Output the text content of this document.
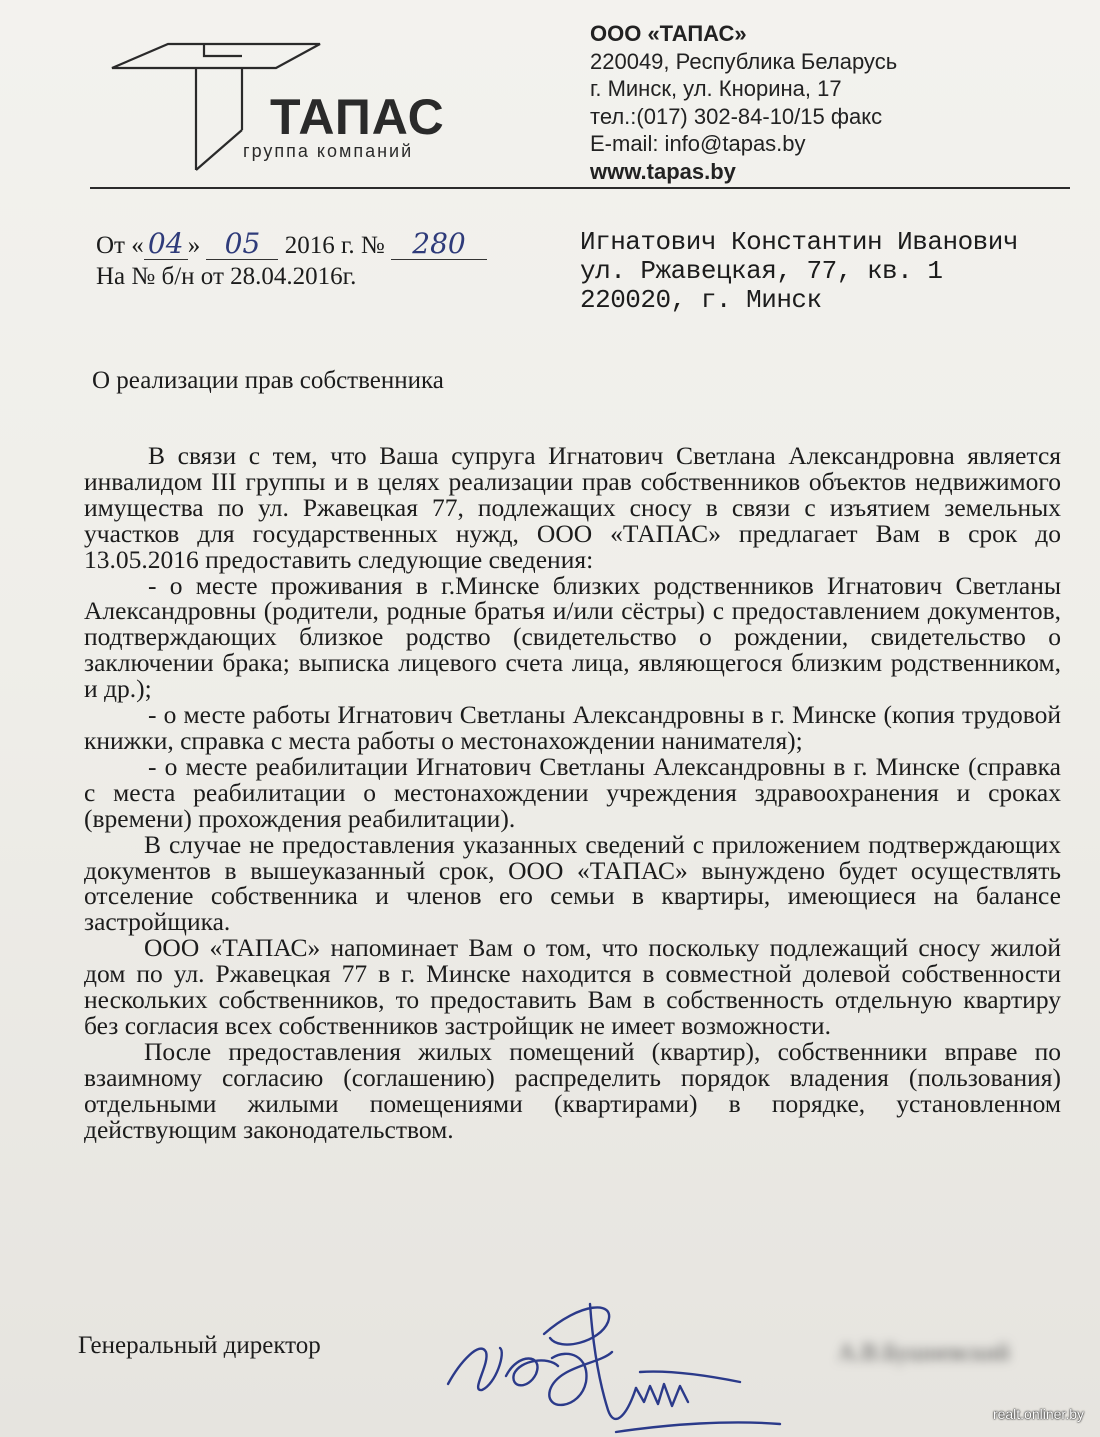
ТАПАС
группа компаний
ООО «ТАПАС»
220049, Республика Беларусь
г. Минск, ул. Кнорина, 17
тел.:(017) 302-84-10/15 факс
E-mail: info@tapas.by
www.tapas.by
От « 04 » 05 2016 г. № 280
На № б/н от 28.04.2016г.
Игнатович Константин Иванович
ул. Ржавецкая, 77, кв. 1
220020, г. Минск
О реализации прав собственника

В связи с тем, что Ваша супруга Игнатович Светлана Александровна является инвалидом III группы и в целях реализации прав собственников объектов недвижимого имущества по ул. Ржавецкая 77, подлежащих сносу в связи с изъятием земельных участков для государственных нужд, ООО «ТАПАС» предлагает Вам в срок до 13.05.2016 предоставить следующие сведения:

- о месте проживания в г.Минске близких родственников Игнатович Светланы Александровны (родители, родные братья и/или сёстры) с предоставлением документов, подтверждающих близкое родство (свидетельство о рождении, свидетельство о заключении брака; выписка лицевого счета лица, являющегося близким родственником, и др.);

- о месте работы Игнатович Светланы Александровны в г. Минске (копия трудовой книжки, справка с места работы о местонахождении нанимателя);

- о месте реабилитации Игнатович Светланы Александровны в г. Минске (справка с места реабилитации о местонахождении учреждения здравоохранения и сроках (времени) прохождения реабилитации).

В случае не предоставления указанных сведений с приложением подтверждающих документов в вышеуказанный срок, ООО «ТАПАС» вынуждено будет осуществлять отселение собственника и членов его семьи в квартиры, имеющиеся на балансе застройщика.

ООО «ТАПАС» напоминает Вам о том, что поскольку подлежащий сносу жилой дом по ул. Ржавецкая 77 в г. Минске находится в совместной долевой собственности нескольких собственников, то предоставить Вам в собственность отдельную квартиру без согласия всех собственников застройщик не имеет возможности.

После предоставления жилых помещений (квартир), собственники вправе по взаимному согласию (соглашению) распределить порядок владения (пользования) отдельными жилыми помещениями (квартирами) в порядке, установленном действующим законодательством.

Генеральный директор	А.В.Бушневский
realt.onliner.by
